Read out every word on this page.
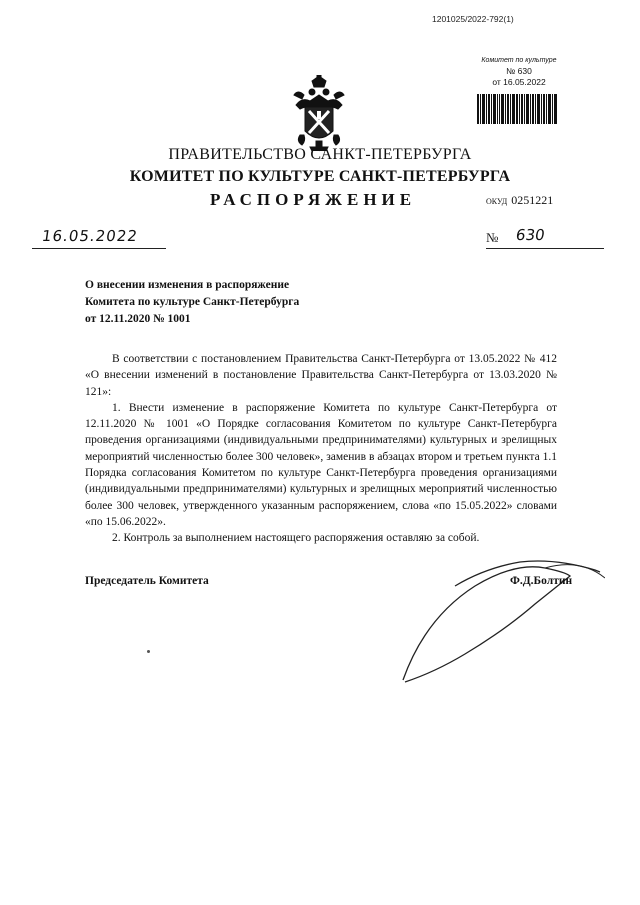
1201025/2022-792(1)
Комитет по культуре
№ 630
от 16.05.2022
ПРАВИТЕЛЬСТВО САНКТ-ПЕТЕРБУРГА
КОМИТЕТ ПО КУЛЬТУРЕ САНКТ-ПЕТЕРБУРГА
РАСПОРЯЖЕНИЕ	ОКУД 0251221
16.05.2022	№ 630
О внесении изменения в распоряжение
Комитета по культуре Санкт-Петербурга
от 12.11.2020 № 1001

В соответствии с постановлением Правительства Санкт-Петербурга от 13.05.2022 № 412 «О внесении изменений в постановление Правительства Санкт-Петербурга от 13.03.2020 № 121»:

1. Внести изменение в распоряжение Комитета по культуре Санкт-Петербурга от 12.11.2020 № 1001 «О Порядке согласования Комитетом по культуре Санкт-Петербурга проведения организациями (индивидуальными предпринимателями) культурных и зрелищных мероприятий численностью более 300 человек», заменив в абзацах втором и третьем пункта 1.1 Порядка согласования Комитетом по культуре Санкт-Петербурга проведения организациями (индивидуальными предпринимателями) культурных и зрелищных мероприятий численностью более 300 человек, утвержденного указанным распоряжением, слова «по 15.05.2022» словами «по 15.06.2022».

2. Контроль за выполнением настоящего распоряжения оставляю за собой.

Председатель Комитета	Ф.Д.Болтин
